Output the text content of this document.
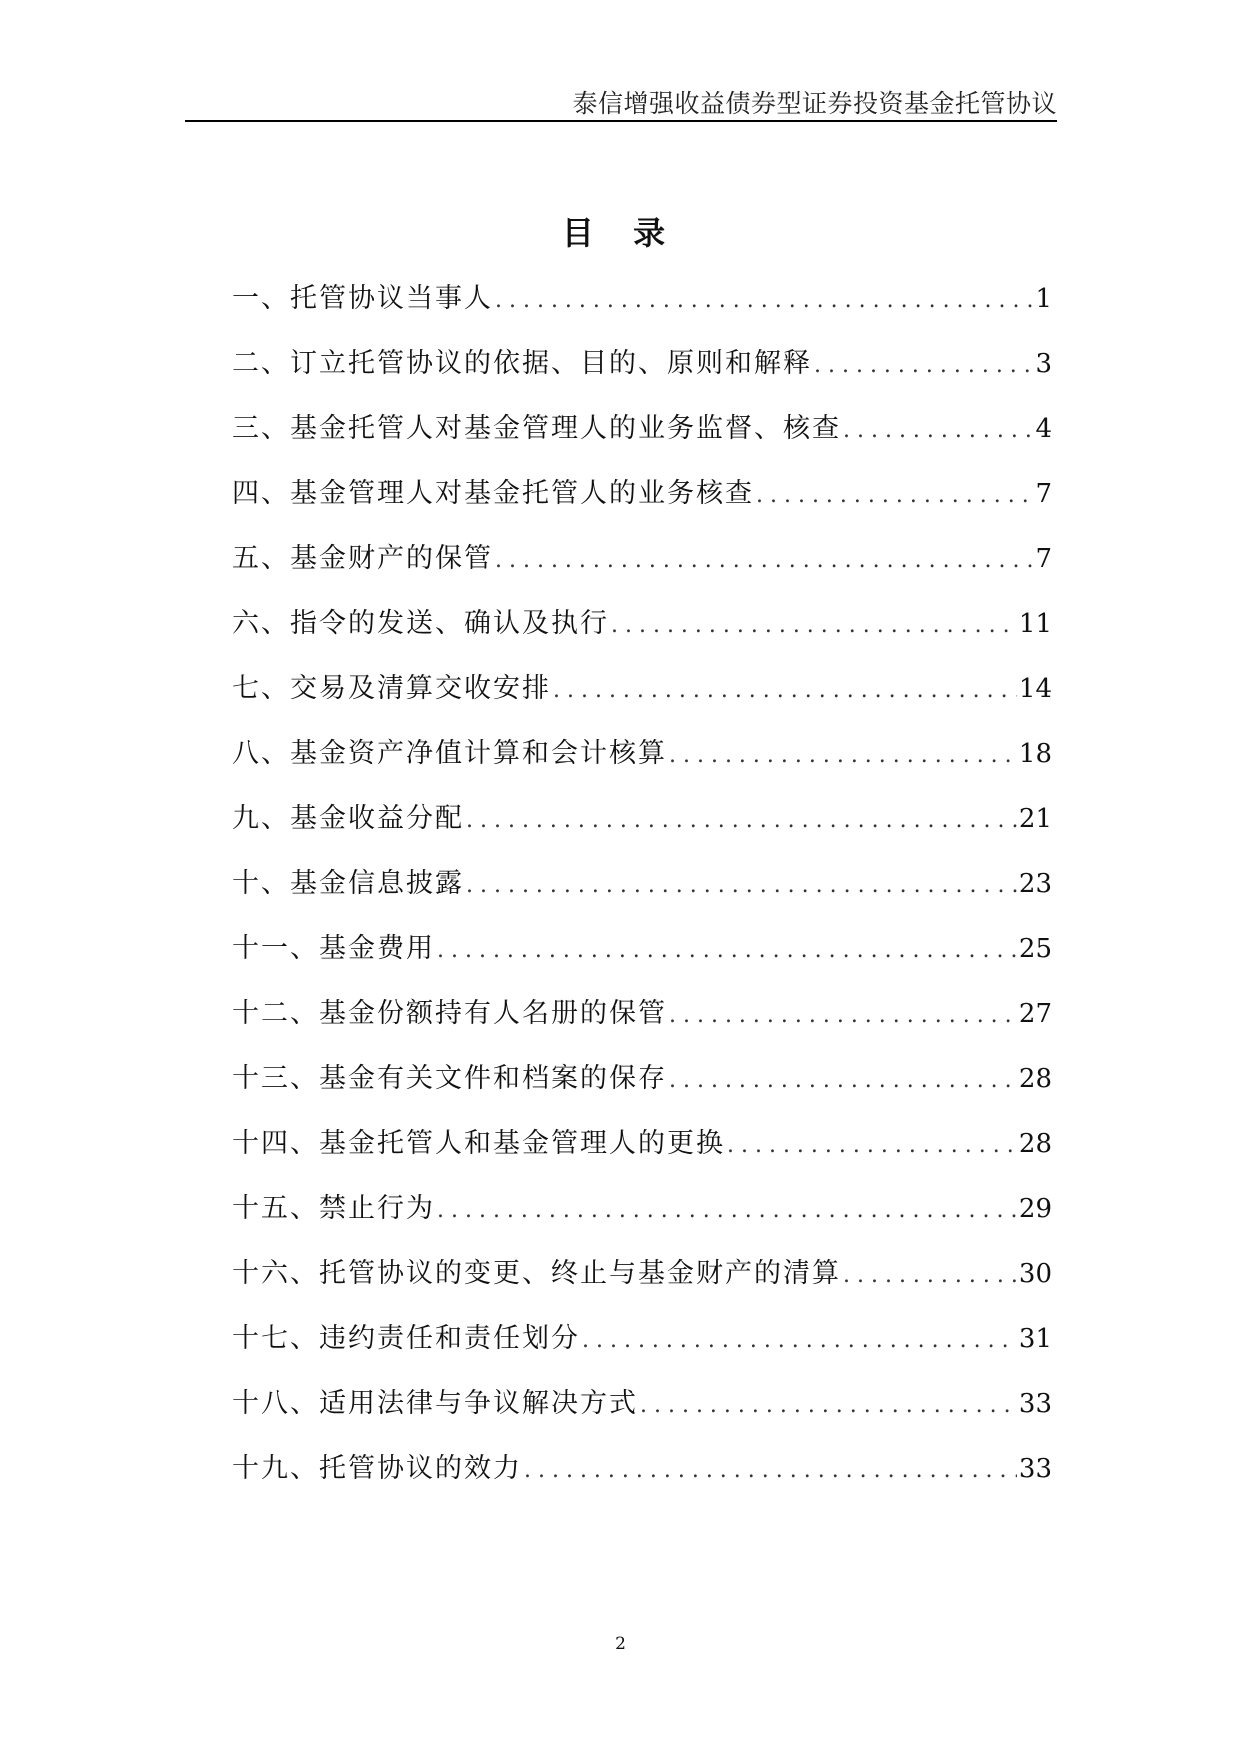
泰信增强收益债券型证券投资基金托管协议
目 录
一、托管协议当事人 . . .	1
二、订立托管协议的依据、目的、原则和解释 . . .	3
三、基金托管人对基金管理人的业务监督、核查 . . .	4
四、基金管理人对基金托管人的业务核查 . . .	7
五、基金财产的保管 . . .	7
六、指令的发送、确认及执行 . . .	11
七、交易及清算交收安排 . . .	14
八、基金资产净值计算和会计核算 . . .	18
九、基金收益分配 . . .	21
十、基金信息披露 . . .	23
十一、基金费用 . . .	25
十二、基金份额持有人名册的保管 . . .	27
十三、基金有关文件和档案的保存 . . .	28
十四、基金托管人和基金管理人的更换 . . .	28
十五、禁止行为 . . .	29
十六、托管协议的变更、终止与基金财产的清算 . . .	30
十七、违约责任和责任划分 . . .	31
十八、适用法律与争议解决方式 . . .	33
十九、托管协议的效力 . . .	33
2
